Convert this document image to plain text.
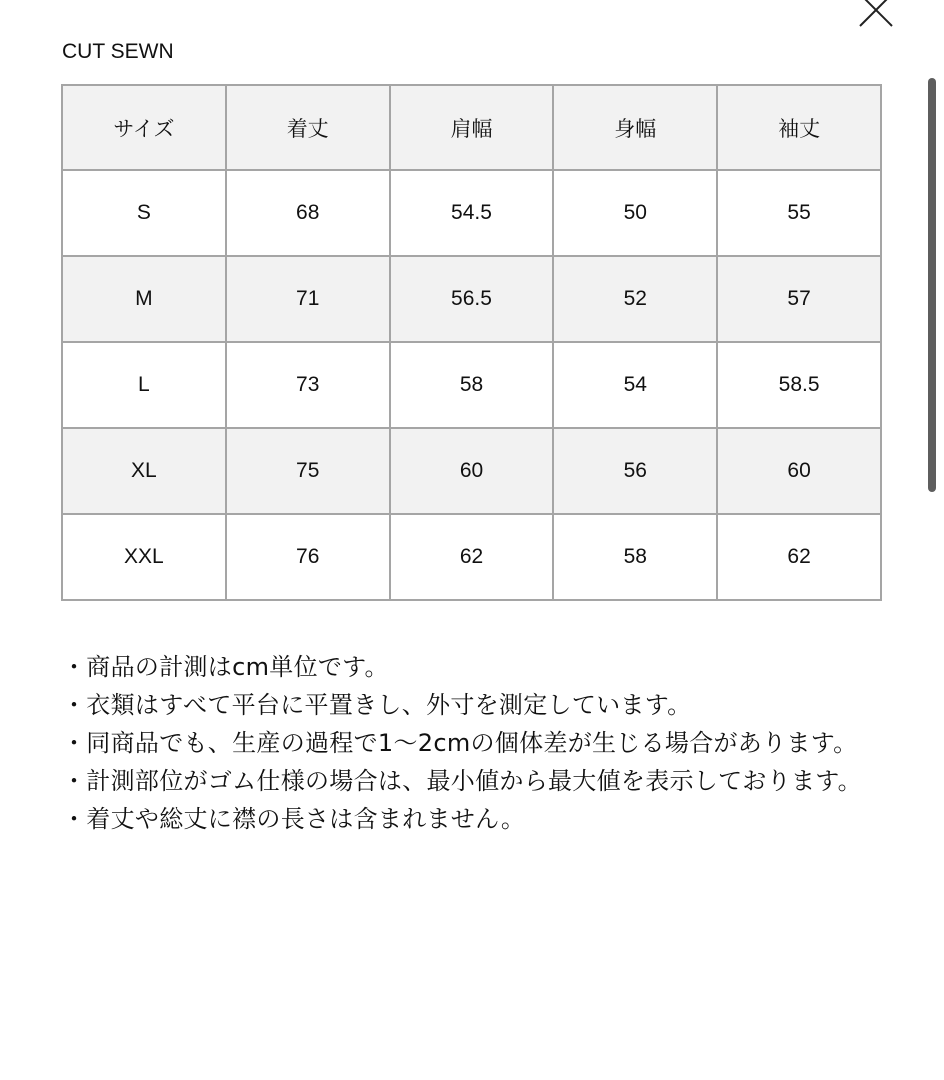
CUT SEWN
サイズ	着丈	肩幅	身幅	袖丈
S	68	54.5	50	55
M	71	56.5	52	57
L	73	58	54	58.5
XL	75	60	56	60
XXL	76	62	58	62
・商品の計測はcm単位です。
・衣類はすべて平台に平置きし、外寸を測定しています。
・同商品でも、生産の過程で1〜2cmの個体差が生じる場合があります。
・計測部位がゴム仕様の場合は、最小値から最大値を表示しております。
・着丈や総丈に襟の長さは含まれません。
